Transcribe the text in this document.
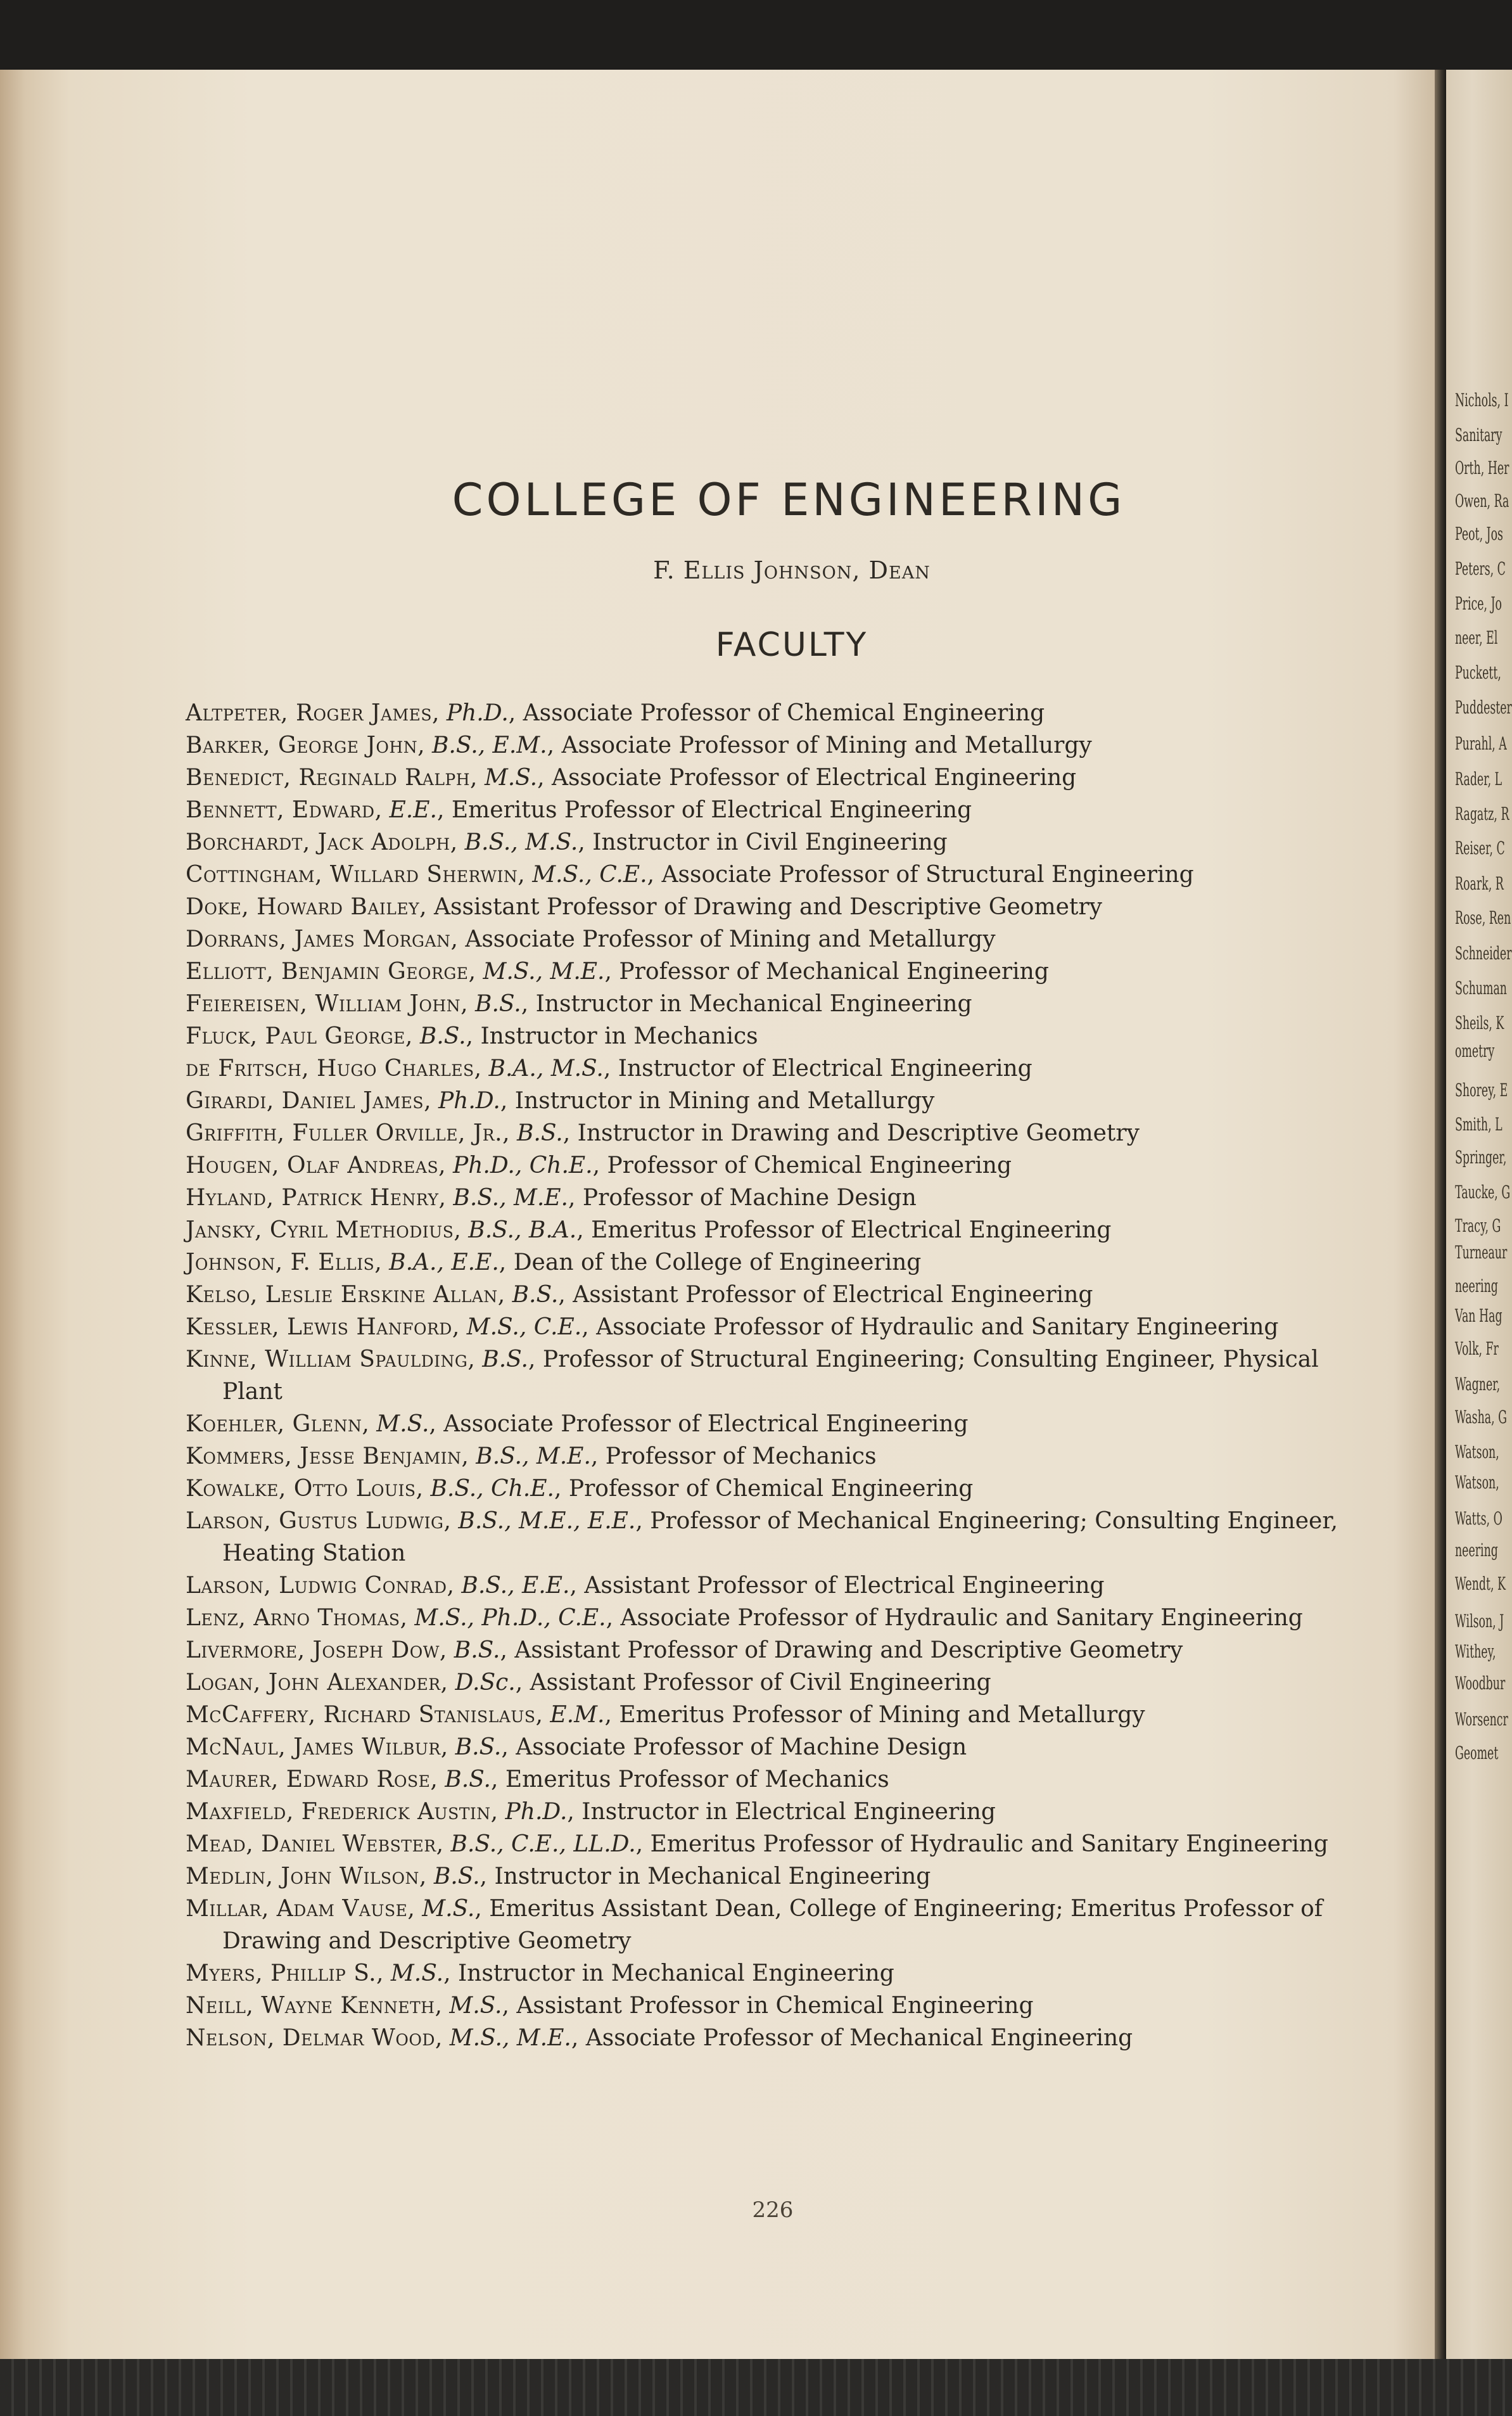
COLLEGE OF ENGINEERING
F. Ellis Johnson, Dean
FACULTY
Altpeter, Roger James, Ph.D., Associate Professor of Chemical Engineering
Barker, George John, B.S., E.M., Associate Professor of Mining and Metallurgy
Benedict, Reginald Ralph, M.S., Associate Professor of Electrical Engineering
Bennett, Edward, E.E., Emeritus Professor of Electrical Engineering
Borchardt, Jack Adolph, B.S., M.S., Instructor in Civil Engineering
Cottingham, Willard Sherwin, M.S., C.E., Associate Professor of Structural Engineering
Doke, Howard Bailey, Assistant Professor of Drawing and Descriptive Geometry
Dorrans, James Morgan, Associate Professor of Mining and Metallurgy
Elliott, Benjamin George, M.S., M.E., Professor of Mechanical Engineering
Feiereisen, William John, B.S., Instructor in Mechanical Engineering
Fluck, Paul George, B.S., Instructor in Mechanics
de Fritsch, Hugo Charles, B.A., M.S., Instructor of Electrical Engineering
Girardi, Daniel James, Ph.D., Instructor in Mining and Metallurgy
Griffith, Fuller Orville, Jr., B.S., Instructor in Drawing and Descriptive Geometry
Hougen, Olaf Andreas, Ph.D., Ch.E., Professor of Chemical Engineering
Hyland, Patrick Henry, B.S., M.E., Professor of Machine Design
Jansky, Cyril Methodius, B.S., B.A., Emeritus Professor of Electrical Engineering
Johnson, F. Ellis, B.A., E.E., Dean of the College of Engineering
Kelso, Leslie Erskine Allan, B.S., Assistant Professor of Electrical Engineering
Kessler, Lewis Hanford, M.S., C.E., Associate Professor of Hydraulic and Sanitary Engineering
Kinne, William Spaulding, B.S., Professor of Structural Engineering; Consulting Engineer, Physical Plant
Koehler, Glenn, M.S., Associate Professor of Electrical Engineering
Kommers, Jesse Benjamin, B.S., M.E., Professor of Mechanics
Kowalke, Otto Louis, B.S., Ch.E., Professor of Chemical Engineering
Larson, Gustus Ludwig, B.S., M.E., E.E., Professor of Mechanical Engineering; Consulting Engineer, Heating Station
Larson, Ludwig Conrad, B.S., E.E., Assistant Professor of Electrical Engineering
Lenz, Arno Thomas, M.S., Ph.D., C.E., Associate Professor of Hydraulic and Sanitary Engineering
Livermore, Joseph Dow, B.S., Assistant Professor of Drawing and Descriptive Geometry
Logan, John Alexander, D.Sc., Assistant Professor of Civil Engineering
McCaffery, Richard Stanislaus, E.M., Emeritus Professor of Mining and Metallurgy
McNaul, James Wilbur, B.S., Associate Professor of Machine Design
Maurer, Edward Rose, B.S., Emeritus Professor of Mechanics
Maxfield, Frederick Austin, Ph.D., Instructor in Electrical Engineering
Mead, Daniel Webster, B.S., C.E., LL.D., Emeritus Professor of Hydraulic and Sanitary Engineering
Medlin, John Wilson, B.S., Instructor in Mechanical Engineering
Millar, Adam Vause, M.S., Emeritus Assistant Dean, College of Engineering; Emeritus Professor of Drawing and Descriptive Geometry
Myers, Phillip S., M.S., Instructor in Mechanical Engineering
Neill, Wayne Kenneth, M.S., Assistant Professor in Chemical Engineering
Nelson, Delmar Wood, M.S., M.E., Associate Professor of Mechanical Engineering
226
Nichols, I
Sanitary
Orth, Her
Owen, Ra
Peot, Jos
Peters, C
Price, Jo
neer, El
Puckett,
Puddester
Purahl, A
Rader, L
Ragatz, R
Reiser, C
Roark, R
Rose, Ren
Schneider
Schuman
Sheils, K
ometry
Shorey, E
Smith, L
Springer,
Taucke, G
Tracy, G
Turneaur
neering
Van Hag
Volk, Fr
Wagner,
Washa, G
Watson,
Watson,
Watts, O
neering
Wendt, K
Wilson, J
Withey,
Woodbur
Worsencr
Geomet
